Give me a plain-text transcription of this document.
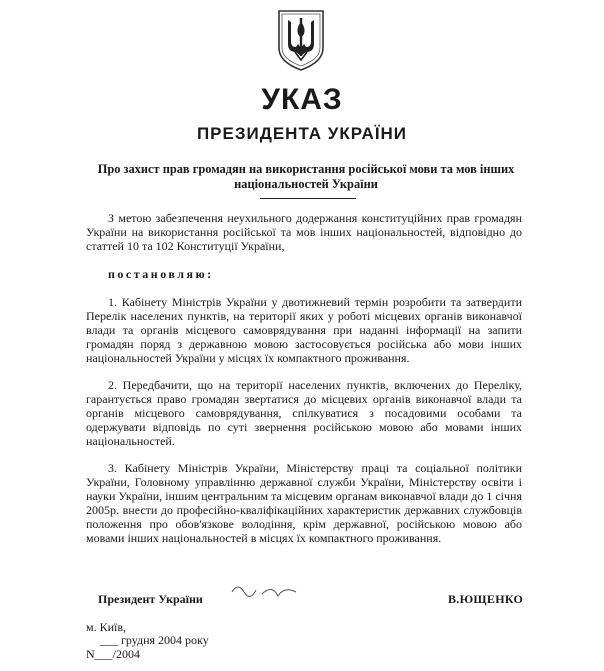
УКАЗ
ПРЕЗИДЕНТА УКРАЇНИ
Про захист прав громадян на використання російської мови та мов інших національностей України
З метою забезпечення неухильного додержання конституційних прав громадян України на використання російської та мов інших національностей, відповідно до статтей 10 та 102 Конституції України,
постановляю:
1. Кабінету Міністрів України у двотижневий термін розробити та затвердити Перелік населених пунктів, на території яких у роботі місцевих органів виконавчої влади та органів місцевого самоврядування при наданні інформації на запити громадян поряд з державною мовою застосовується російська або мови інших національностей України у місцях їх компактного проживання.
2. Передбачити, що на території населених пунктів, включених до Переліку, гарантується право громадян звертатися до місцевих органів виконавчої влади та органів місцевого самоврядування, спілкуватися з посадовими особами та одержувати відповідь по суті звернення російською мовою або мовами інших національностей.
3. Кабінету Міністрів України, Міністерству праці та соціальної політики України, Головному управлінню державної служби України, Міністерству освіти і науки України, іншим центральним та місцевим органам виконавчої влади до 1 січня 2005р. внести до професійно-кваліфікаційних характеристик державних службовців положення про обов'язкове володіння, крім державної, російською мовою або мовами інших національностей в місцях їх компактного проживання.
Президент України	В.ЮЩЕНКО
м. Київ,
___ грудня 2004 року
N___/2004
